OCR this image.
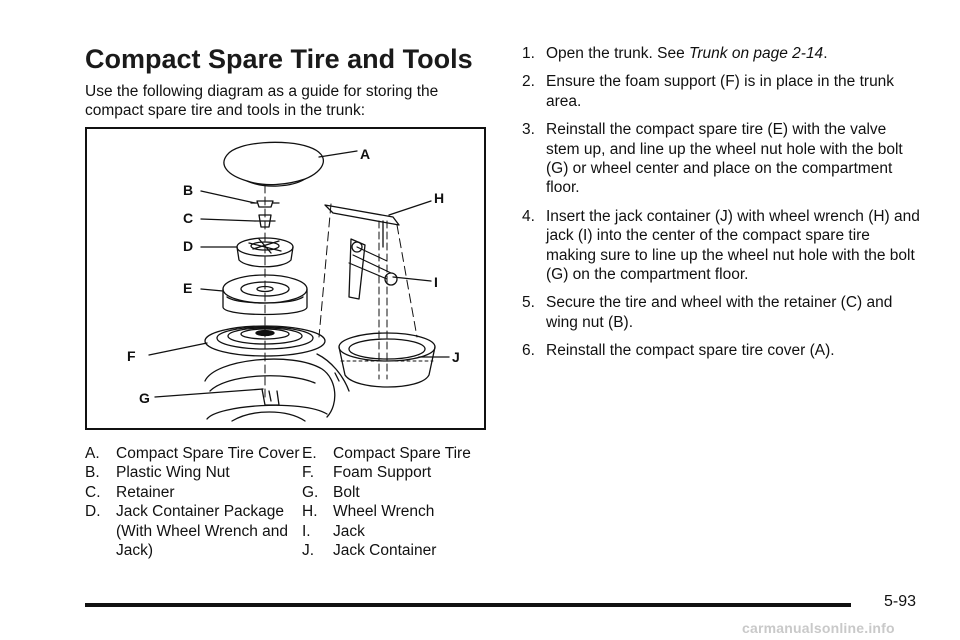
Compact Spare Tire and Tools

Use the following diagram as a guide for storing the compact spare tire and tools in the trunk:

A
B
C
D
E
F
G
H
I
J
A.	Compact Spare Tire Cover
B.	Plastic Wing Nut
C.	Retainer
D.	Jack Container Package (With Wheel Wrench and Jack)
E.	Compact Spare Tire
F.	Foam Support
G. Bolt
H.	Wheel Wrench
I.	Jack
J.	Jack Container
1. Open the trunk. See Trunk on page 2-14.
2. Ensure the foam support (F) is in place in the trunk area.
3. Reinstall the compact spare tire (E) with the valve stem up, and line up the wheel nut hole with the bolt (G) or wheel center and place on the compartment floor.
4. Insert the jack container (J) with wheel wrench (H) and jack (I) into the center of the compact spare tire making sure to line up the wheel nut hole with the bolt (G) on the compartment floor.
5. Secure the tire and wheel with the retainer (C) and wing nut (B).
6. Reinstall the compact spare tire cover (A).
5-93
carmanualsonline.info
